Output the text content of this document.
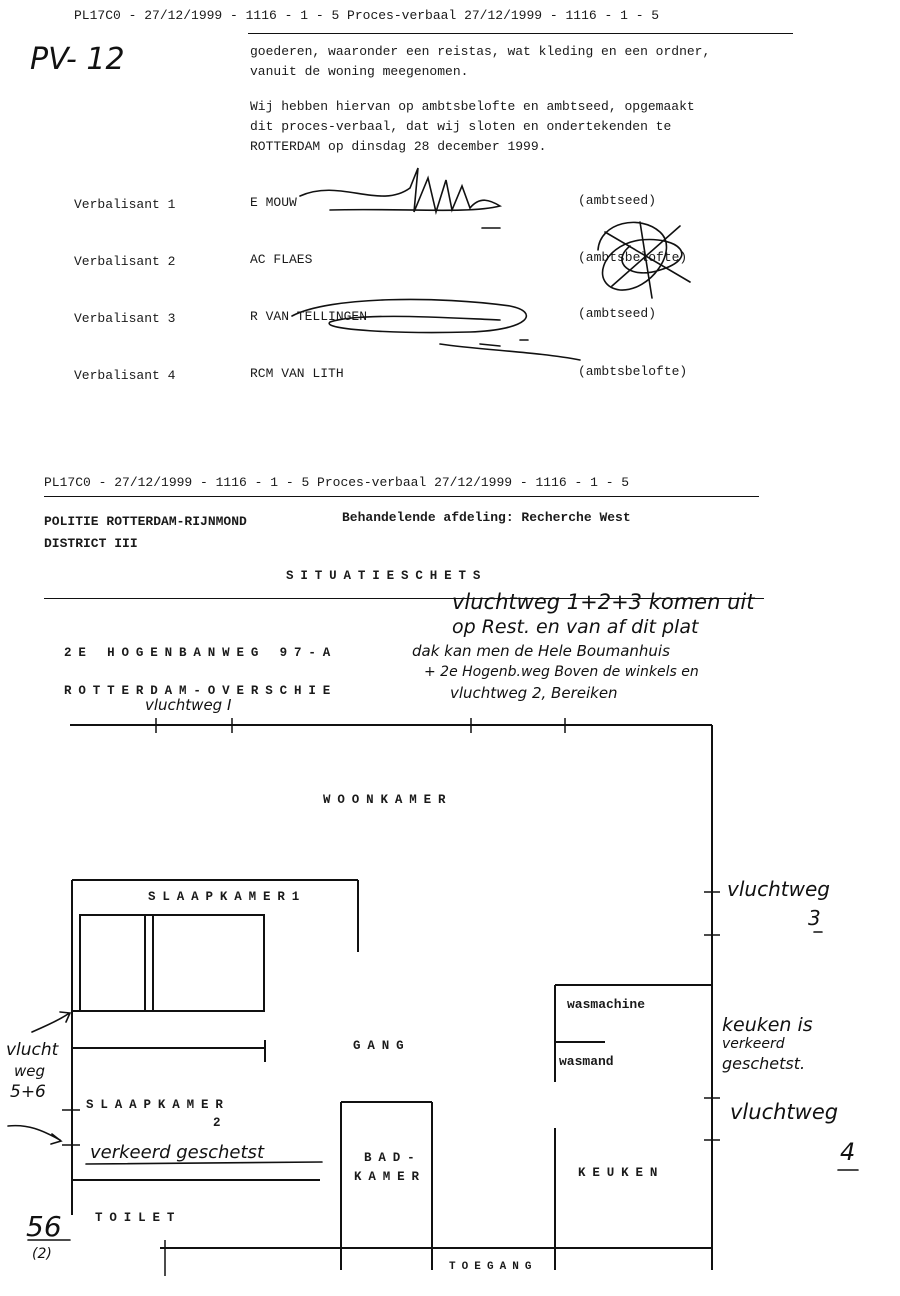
PL17C0 - 27/12/1999 - 1116 - 1 - 5 Proces-verbaal 27/12/1999 - 1116 - 1 - 5
PV- 12	goederen, waaronder een reistas, wat kleding en een ordner,
vanuit de woning meegenomen.
Wij hebben hiervan op ambtsbelofte en ambtseed, opgemaakt
dit proces-verbaal, dat wij sloten en ondertekenden te
ROTTERDAM op dinsdag 28 december 1999.
Verbalisant 1	E MOUW	(ambtseed)
Verbalisant 2	AC FLAES	(ambtsbelofte)
Verbalisant 3	R VAN TELLINGEN	(ambtseed)
Verbalisant 4	RCM VAN LITH	(ambtsbelofte)
PL17C0 - 27/12/1999 - 1116 - 1 - 5 Proces-verbaal 27/12/1999 - 1116 - 1 - 5
POLITIE ROTTERDAM-RIJNMOND
DISTRICT III
Behandelende afdeling: Recherche West
SITUATIESCHETS
2E HOGENBANWEG 97-A
ROTTERDAM-OVERSCHIE
WOONKAMER
SLAAPKAMER1
GANG
SLAAPKAMER
2
BAD-
KAMER	KEUKEN
TOILET
TOEGANG
wasmachine
wasmand
vluchtweg 1+2+3 komen uit
op Rest. en van af dit plat
dak kan men de Hele Boumanhuis
+ 2e Hogenb.weg Boven de winkels en
vluchtweg 2, Bereiken
vluchtweg I
vluchtweg
3
keuken is
verkeerd
geschetst.
vluchtweg
4
vlucht
weg
5+6
verkeerd geschetst
56
(2)
